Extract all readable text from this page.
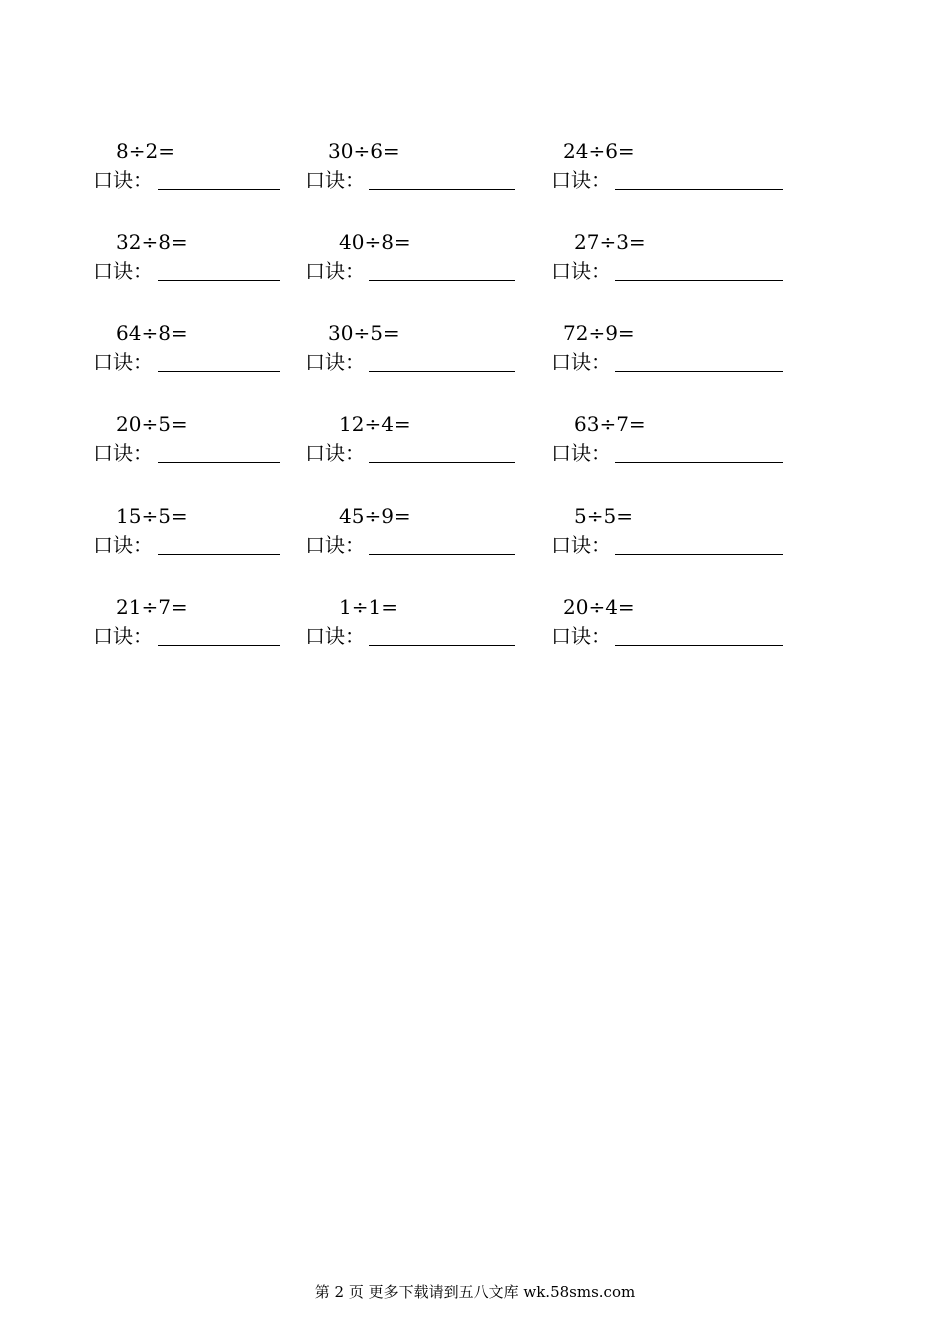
8÷2=
口诀：
30÷6=
口诀：
24÷6=
口诀：
32÷8=
口诀：
40÷8=
口诀：
27÷3=
口诀：
64÷8=
口诀：
30÷5=
口诀：
72÷9=
口诀：
20÷5=
口诀：
12÷4=
口诀：
63÷7=
口诀：
15÷5=
口诀：
45÷9=
口诀：
5÷5=
口诀：
21÷7=
口诀：
1÷1=
口诀：
20÷4=
口诀：
第 2 页 更多下载请到五八文库 wk.58sms.com
